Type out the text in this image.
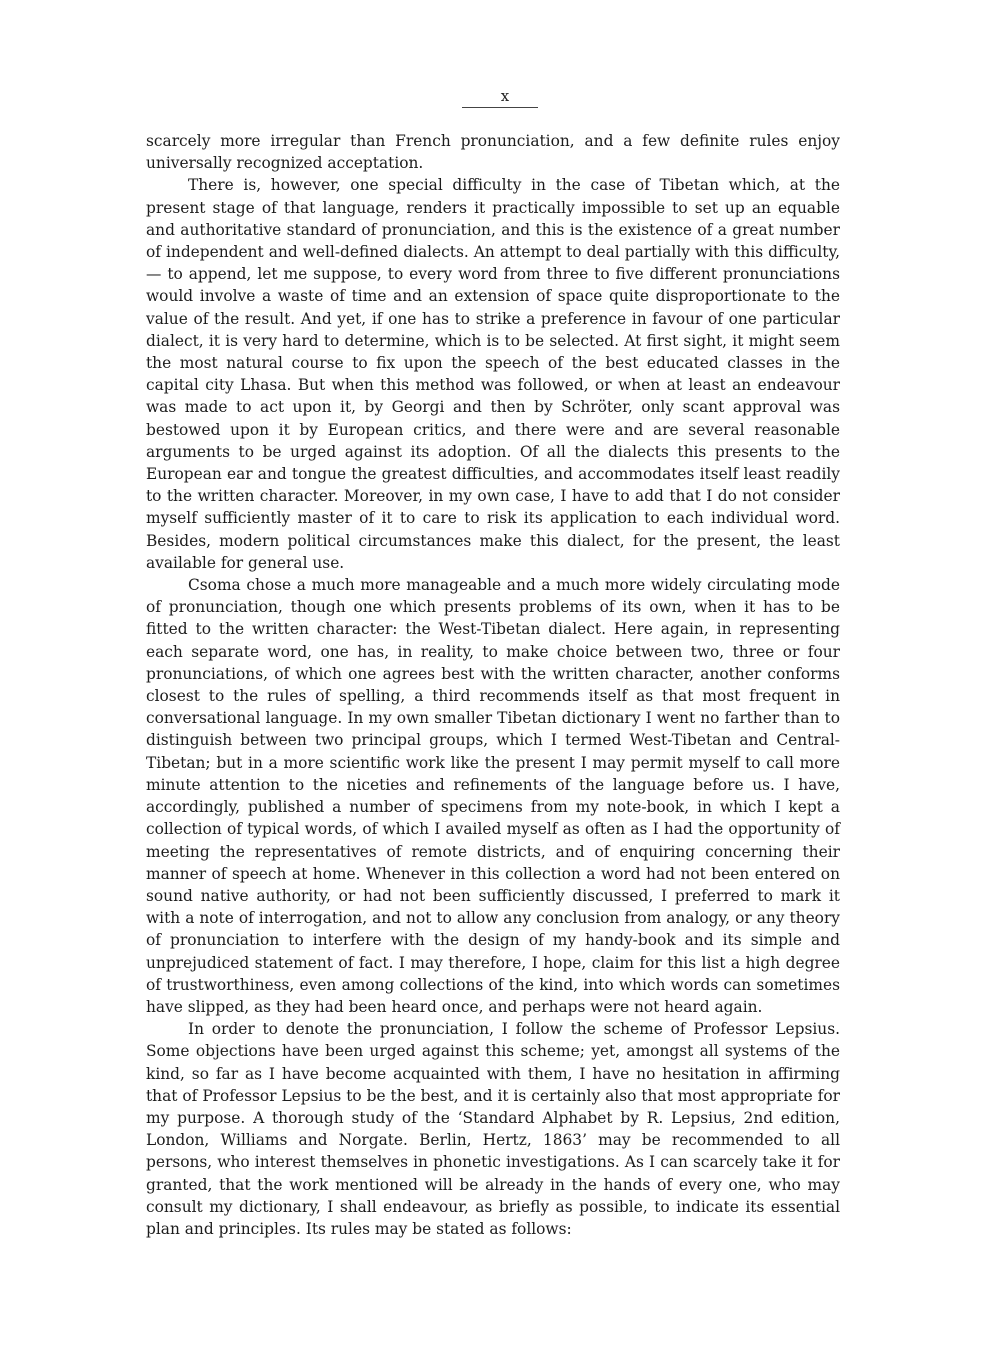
x

scarcely more irregular than French pronunciation, and a few definite rules enjoy universally recognized acceptation.

There is, however, one special difficulty in the case of Tibetan which, at the present stage of that language, renders it practically impossible to set up an equable and authoritative standard of pronunciation, and this is the existence of a great number of independent and well-defined dialects. An attempt to deal partially with this difficulty, — to append, let me suppose, to every word from three to five different pronunciations would involve a waste of time and an extension of space quite disproportionate to the value of the result. And yet, if one has to strike a preference in favour of one particular dialect, it is very hard to determine, which is to be selected. At first sight, it might seem the most natural course to fix upon the speech of the best educated classes in the capital city Lhasa. But when this method was followed, or when at least an endeavour was made to act upon it, by Georgi and then by Schröter, only scant approval was bestowed upon it by European critics, and there were and are several reasonable arguments to be urged against its adoption. Of all the dialects this presents to the European ear and tongue the greatest difficulties, and accommodates itself least readily to the written character. Moreover, in my own case, I have to add that I do not consider myself sufficiently master of it to care to risk its application to each individual word. Besides, modern political circumstances make this dialect, for the present, the least available for general use.

Csoma chose a much more manageable and a much more widely circulating mode of pronunciation, though one which presents problems of its own, when it has to be fitted to the written character: the West-Tibetan dialect. Here again, in representing each separate word, one has, in reality, to make choice between two, three or four pronunciations, of which one agrees best with the written character, another conforms closest to the rules of spelling, a third recommends itself as that most frequent in conversational language. In my own smaller Tibetan dictionary I went no farther than to distinguish between two principal groups, which I termed West-Tibetan and Central-Tibetan; but in a more scientific work like the present I may permit myself to call more minute attention to the niceties and refinements of the language before us. I have, accordingly, published a number of specimens from my note-book, in which I kept a collection of typical words, of which I availed myself as often as I had the opportunity of meeting the representatives of remote districts, and of enquiring concerning their manner of speech at home. Whenever in this collection a word had not been entered on sound native authority, or had not been sufficiently discussed, I preferred to mark it with a note of interrogation, and not to allow any conclusion from analogy, or any theory of pronunciation to interfere with the design of my handy-book and its simple and unprejudiced statement of fact. I may therefore, I hope, claim for this list a high degree of trustworthiness, even among collections of the kind, into which words can sometimes have slipped, as they had been heard once, and perhaps were not heard again.

In order to denote the pronunciation, I follow the scheme of Professor Lepsius. Some objections have been urged against this scheme; yet, amongst all systems of the kind, so far as I have become acquainted with them, I have no hesitation in affirming that of Professor Lepsius to be the best, and it is certainly also that most appropriate for my purpose. A thorough study of the ‘Standard Alphabet by R. Lepsius, 2nd edition, London, Williams and Norgate. Berlin, Hertz, 1863’ may be recommended to all persons, who interest themselves in phonetic investigations. As I can scarcely take it for granted, that the work mentioned will be already in the hands of every one, who may consult my dictionary, I shall endeavour, as briefly as possible, to indicate its essential plan and principles. Its rules may be stated as follows:
